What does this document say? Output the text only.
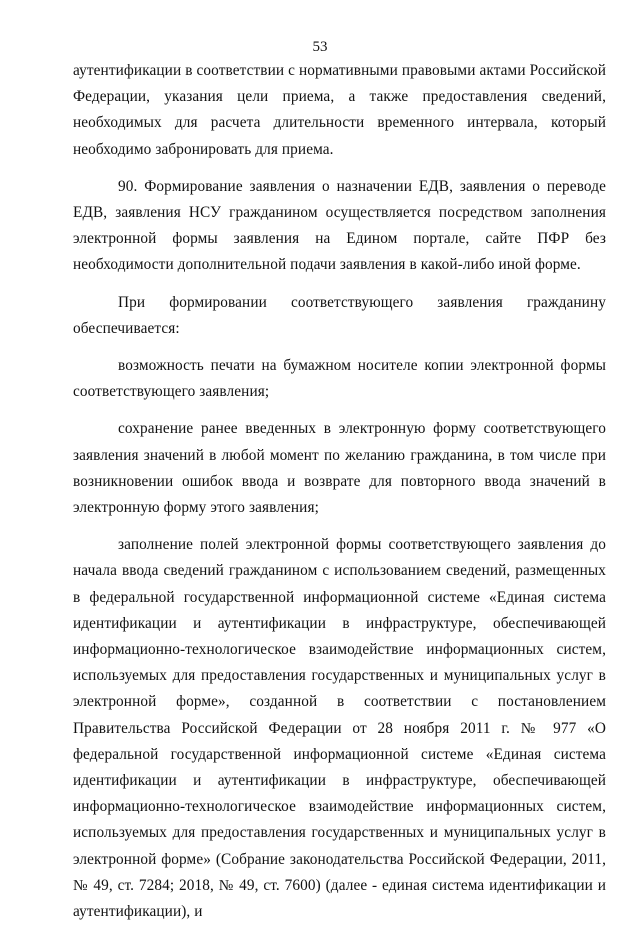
53

аутентификации в соответствии с нормативными правовыми актами Российской Федерации, указания цели приема, а также предоставления сведений, необходимых для расчета длительности временного интервала, который необходимо забронировать для приема.

90. Формирование заявления о назначении ЕДВ, заявления о переводе ЕДВ, заявления НСУ гражданином осуществляется посредством заполнения электронной формы заявления на Едином портале, сайте ПФР без необходимости дополнительной подачи заявления в какой-либо иной форме.

При формировании соответствующего заявления гражданину обеспечивается:

возможность печати на бумажном носителе копии электронной формы соответствующего заявления;

сохранение ранее введенных в электронную форму соответствующего заявления значений в любой момент по желанию гражданина, в том числе при возникновении ошибок ввода и возврате для повторного ввода значений в электронную форму этого заявления;

заполнение полей электронной формы соответствующего заявления до начала ввода сведений гражданином с использованием сведений, размещенных в федеральной государственной информационной системе «Единая система идентификации и аутентификации в инфраструктуре, обеспечивающей информационно-технологическое взаимодействие информационных систем, используемых для предоставления государственных и муниципальных услуг в электронной форме», созданной в соответствии с постановлением Правительства Российской Федерации от 28 ноября 2011 г. № 977 «О федеральной государственной информационной системе «Единая система идентификации и аутентификации в инфраструктуре, обеспечивающей информационно-технологическое взаимодействие информационных систем, используемых для предоставления государственных и муниципальных услуг в электронной форме» (Собрание законодательства Российской Федерации, 2011, № 49, ст. 7284; 2018, № 49, ст. 7600) (далее - единая система идентификации и аутентификации), и
